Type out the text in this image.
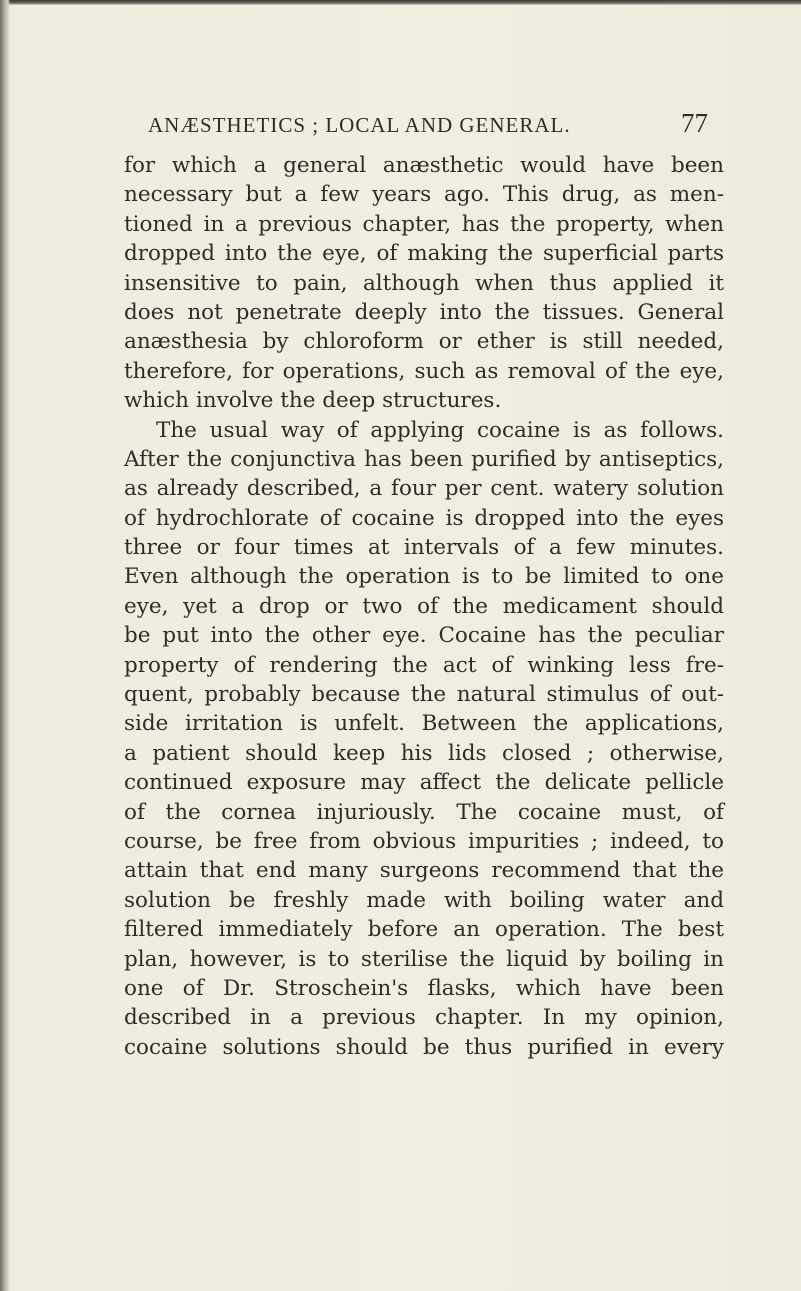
ANÆSTHETICS ; LOCAL AND GENERAL.	77
for which a general anæsthetic would have been
necessary but a few years ago. This drug, as men-
tioned in a previous chapter, has the property, when
dropped into the eye, of making the superficial parts
insensitive to pain, although when thus applied it
does not penetrate deeply into the tissues. General
anæsthesia by chloroform or ether is still needed,
therefore, for operations, such as removal of the eye,
which involve the deep structures.
The usual way of applying cocaine is as follows.
After the conjunctiva has been purified by antiseptics,
as already described, a four per cent. watery solution
of hydrochlorate of cocaine is dropped into the eyes
three or four times at intervals of a few minutes.
Even although the operation is to be limited to one
eye, yet a drop or two of the medicament should
be put into the other eye. Cocaine has the peculiar
property of rendering the act of winking less fre-
quent, probably because the natural stimulus of out-
side irritation is unfelt. Between the applications,
a patient should keep his lids closed ; otherwise,
continued exposure may affect the delicate pellicle
of the cornea injuriously. The cocaine must, of
course, be free from obvious impurities ; indeed, to
attain that end many surgeons recommend that the
solution be freshly made with boiling water and
filtered immediately before an operation. The best
plan, however, is to sterilise the liquid by boiling in
one of Dr. Stroschein's flasks, which have been
described in a previous chapter. In my opinion,
cocaine solutions should be thus purified in every
